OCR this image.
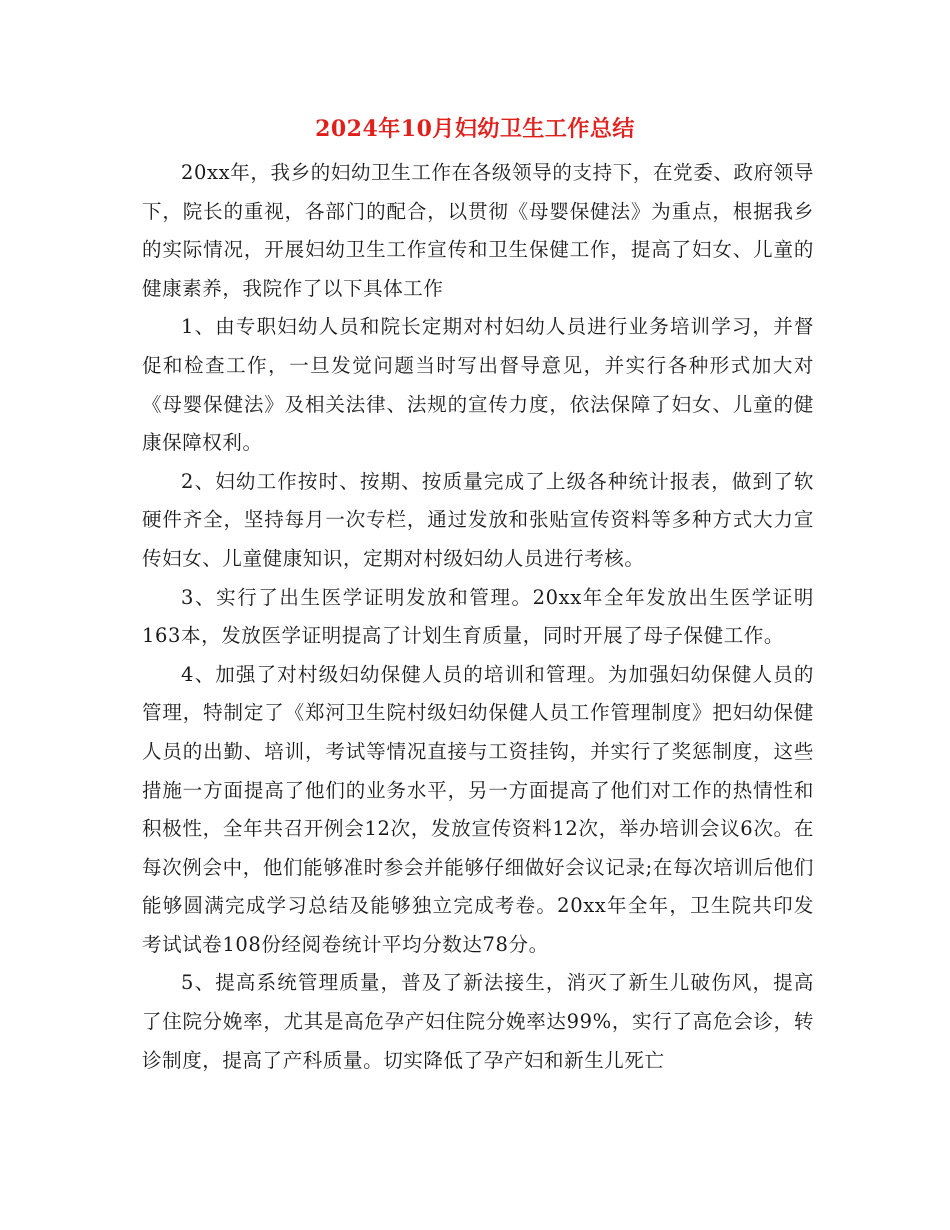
2024年10月妇幼卫生工作总结

20xx年，我乡的妇幼卫生工作在各级领导的支持下，在党委、政府领导下，院长的重视，各部门的配合，以贯彻《母婴保健法》为重点，根据我乡的实际情况，开展妇幼卫生工作宣传和卫生保健工作，提高了妇女、儿童的健康素养，我院作了以下具体工作

1、由专职妇幼人员和院长定期对村妇幼人员进行业务培训学习，并督促和检查工作，一旦发觉问题当时写出督导意见，并实行各种形式加大对《母婴保健法》及相关法律、法规的宣传力度，依法保障了妇女、儿童的健康保障权利。

2、妇幼工作按时、按期、按质量完成了上级各种统计报表，做到了软硬件齐全，坚持每月一次专栏，通过发放和张贴宣传资料等多种方式大力宣传妇女、儿童健康知识，定期对村级妇幼人员进行考核。

3、实行了出生医学证明发放和管理。20xx年全年发放出生医学证明163本，发放医学证明提高了计划生育质量，同时开展了母子保健工作。

4、加强了对村级妇幼保健人员的培训和管理。为加强妇幼保健人员的管理，特制定了《郑河卫生院村级妇幼保健人员工作管理制度》把妇幼保健人员的出勤、培训，考试等情况直接与工资挂钩，并实行了奖惩制度，这些措施一方面提高了他们的业务水平，另一方面提高了他们对工作的热情性和积极性，全年共召开例会12次，发放宣传资料12次，举办培训会议6次。在每次例会中，他们能够准时参会并能够仔细做好会议记录;在每次培训后他们能够圆满完成学习总结及能够独立完成考卷。20xx年全年，卫生院共印发考试试卷108份经阅卷统计平均分数达78分。

5、提高系统管理质量，普及了新法接生，消灭了新生儿破伤风，提高了住院分娩率，尤其是高危孕产妇住院分娩率达99%，实行了高危会诊，转诊制度，提高了产科质量。切实降低了孕产妇和新生儿死亡
